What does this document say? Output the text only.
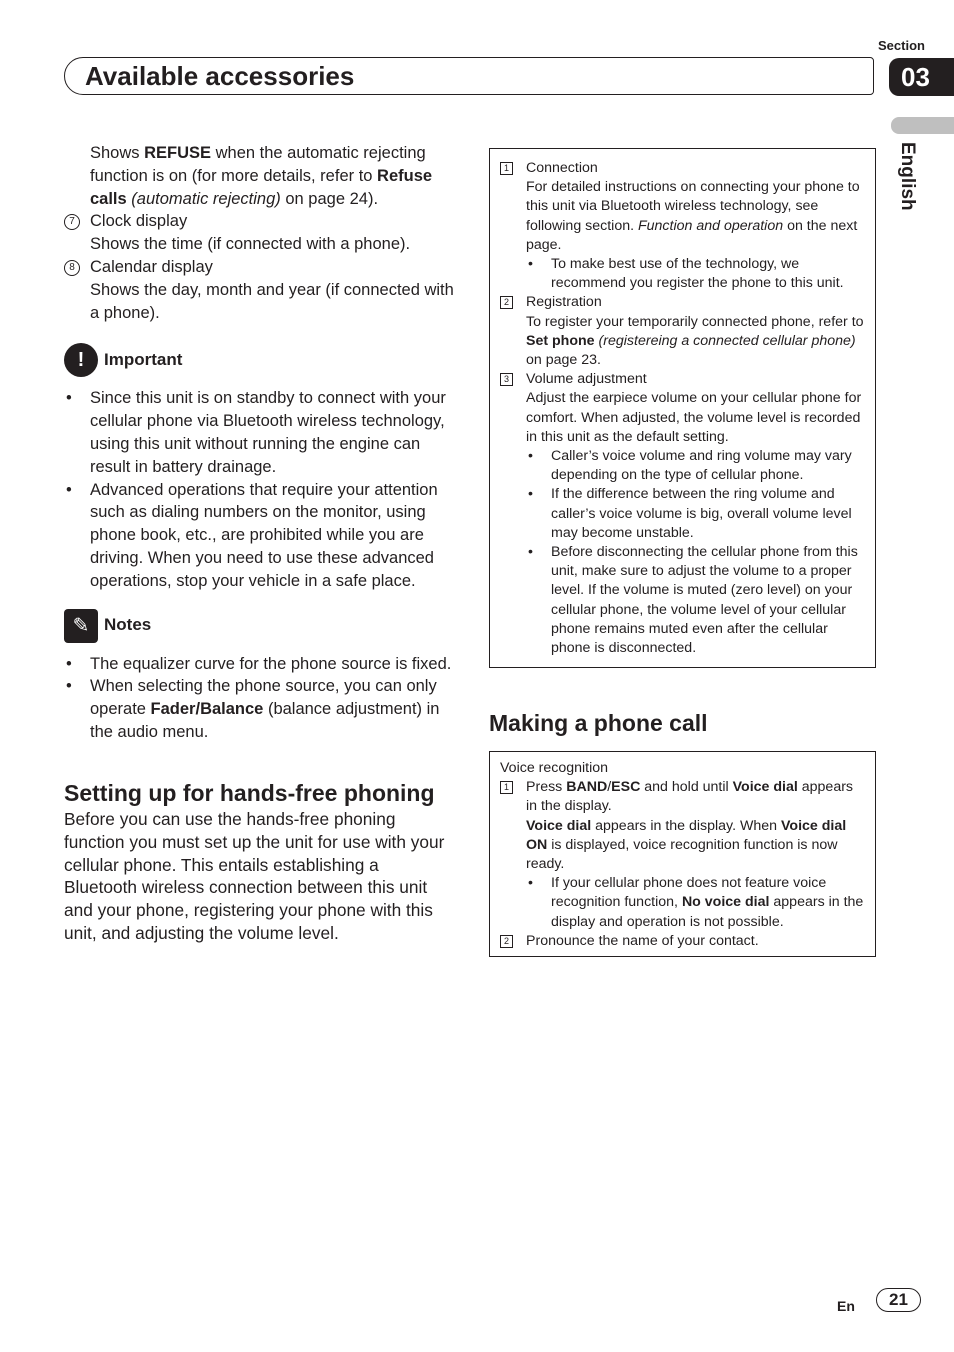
Section
03
Available accessories
English
Shows REFUSE when the automatic rejecting function is on (for more details, refer to Refuse calls (automatic rejecting) on page 24).
7 Clock display
Shows the time (if connected with a phone).
8 Calendar display
Shows the day, month and year (if connected with a phone).
!	Important
• Since this unit is on standby to connect with your cellular phone via Bluetooth wireless technology, using this unit without running the engine can result in battery drainage.
• Advanced operations that require your attention such as dialing numbers on the monitor, using phone book, etc., are prohibited while you are driving. When you need to use these advanced operations, stop your vehicle in a safe place.
✎ Notes
• The equalizer curve for the phone source is fixed.
• When selecting the phone source, you can only operate Fader/Balance (balance adjustment) in the audio menu.
Setting up for hands-free phoning
Before you can use the hands-free phoning function you must set up the unit for use with your cellular phone. This entails establishing a Bluetooth wireless connection between this unit and your phone, registering your phone with this unit, and adjusting the volume level.
1 Connection
For detailed instructions on connecting your phone to this unit via Bluetooth wireless technology, see following section. Function and operation on the next page.
• To make best use of the technology, we recommend you register the phone to this unit.
2 Registration
To register your temporarily connected phone, refer to Set phone (registereing a connected cellular phone) on page 23.
3 Volume adjustment
Adjust the earpiece volume on your cellular phone for comfort. When adjusted, the volume level is recorded in this unit as the default setting.
• Caller’s voice volume and ring volume may vary depending on the type of cellular phone.
• If the difference between the ring volume and caller’s voice volume is big, overall volume level may become unstable.
• Before disconnecting the cellular phone from this unit, make sure to adjust the volume to a proper level. If the volume is muted (zero level) on your cellular phone, the volume level of your cellular phone remains muted even after the cellular phone is disconnected.
Making a phone call
Voice recognition
1 Press BAND/ESC and hold until Voice dial appears in the display.
Voice dial appears in the display. When Voice dial ON is displayed, voice recognition function is now ready.
• If your cellular phone does not feature voice recognition function, No voice dial appears in the display and operation is not possible.
2 Pronounce the name of your contact.
En	21
